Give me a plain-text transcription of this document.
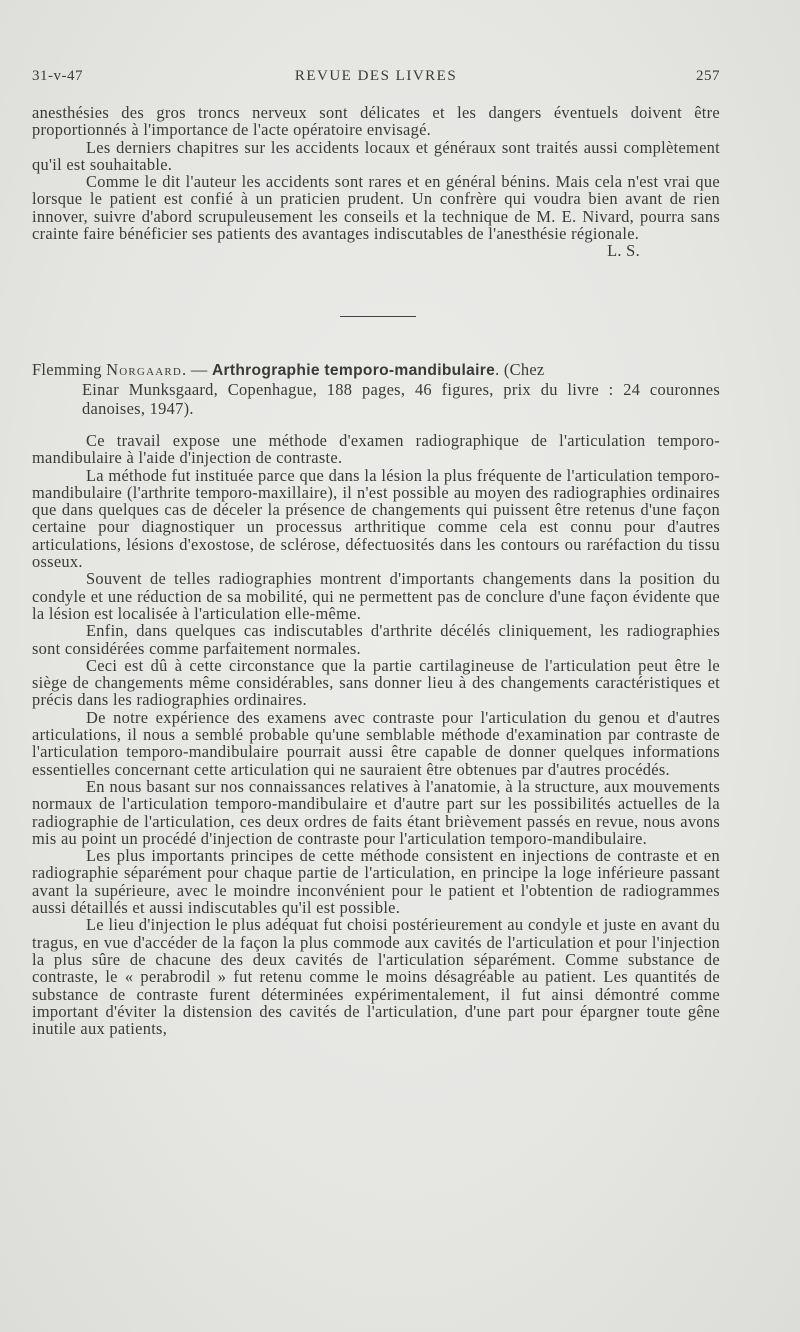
31-v-47	REVUE DES LIVRES	257

anesthésies des gros troncs nerveux sont délicates et les dangers éventuels doivent être proportionnés à l'importance de l'acte opératoire envisagé.

Les derniers chapitres sur les accidents locaux et généraux sont traités aussi complètement qu'il est souhaitable.

Comme le dit l'auteur les accidents sont rares et en général bénins. Mais cela n'est vrai que lorsque le patient est confié à un praticien prudent. Un confrère qui voudra bien avant de rien innover, suivre d'abord scrupuleusement les conseils et la technique de M. E. Nivard, pourra sans crainte faire bénéficier ses patients des avantages indiscutables de l'anesthésie régionale.

L. S.

Flemming Norgaard. — Arthrographie temporo-mandibulaire. (Chez

Einar Munksgaard, Copenhague, 188 pages, 46 figures, prix du livre : 24 couronnes danoises, 1947).

Ce travail expose une méthode d'examen radiographique de l'articulation temporo-mandibulaire à l'aide d'injection de contraste.

La méthode fut instituée parce que dans la lésion la plus fréquente de l'articulation temporo-mandibulaire (l'arthrite temporo-maxillaire), il n'est possible au moyen des radiographies ordinaires que dans quelques cas de déceler la présence de changements qui puissent être retenus d'une façon certaine pour diagnostiquer un processus arthritique comme cela est connu pour d'autres articulations, lésions d'exostose, de sclérose, défectuosités dans les contours ou raréfaction du tissu osseux.

Souvent de telles radiographies montrent d'importants changements dans la position du condyle et une réduction de sa mobilité, qui ne permettent pas de conclure d'une façon évidente que la lésion est localisée à l'articulation elle-même.

Enfin, dans quelques cas indiscutables d'arthrite décélés cliniquement, les radiographies sont considérées comme parfaitement normales.

Ceci est dû à cette circonstance que la partie cartilagineuse de l'articulation peut être le siège de changements même considérables, sans donner lieu à des changements caractéristiques et précis dans les radiographies ordinaires.

De notre expérience des examens avec contraste pour l'articulation du genou et d'autres articulations, il nous a semblé probable qu'une semblable méthode d'examination par contraste de l'articulation temporo-mandibulaire pourrait aussi être capable de donner quelques informations essentielles concernant cette articulation qui ne sauraient être obtenues par d'autres procédés.

En nous basant sur nos connaissances relatives à l'anatomie, à la structure, aux mouvements normaux de l'articulation temporo-mandibulaire et d'autre part sur les possibilités actuelles de la radiographie de l'articulation, ces deux ordres de faits étant brièvement passés en revue, nous avons mis au point un procédé d'injection de contraste pour l'articulation temporo-mandibulaire.

Les plus importants principes de cette méthode consistent en injections de contraste et en radiographie séparément pour chaque partie de l'articulation, en principe la loge inférieure passant avant la supérieure, avec le moindre inconvénient pour le patient et l'obtention de radiogrammes aussi détaillés et aussi indiscutables qu'il est possible.

Le lieu d'injection le plus adéquat fut choisi postérieurement au condyle et juste en avant du tragus, en vue d'accéder de la façon la plus commode aux cavités de l'articulation et pour l'injection la plus sûre de chacune des deux cavités de l'articulation séparément. Comme substance de contraste, le « perabrodil » fut retenu comme le moins désagréable au patient. Les quantités de substance de contraste furent déterminées expérimentalement, il fut ainsi démontré comme important d'éviter la distension des cavités de l'articulation, d'une part pour épargner toute gêne inutile aux patients,
